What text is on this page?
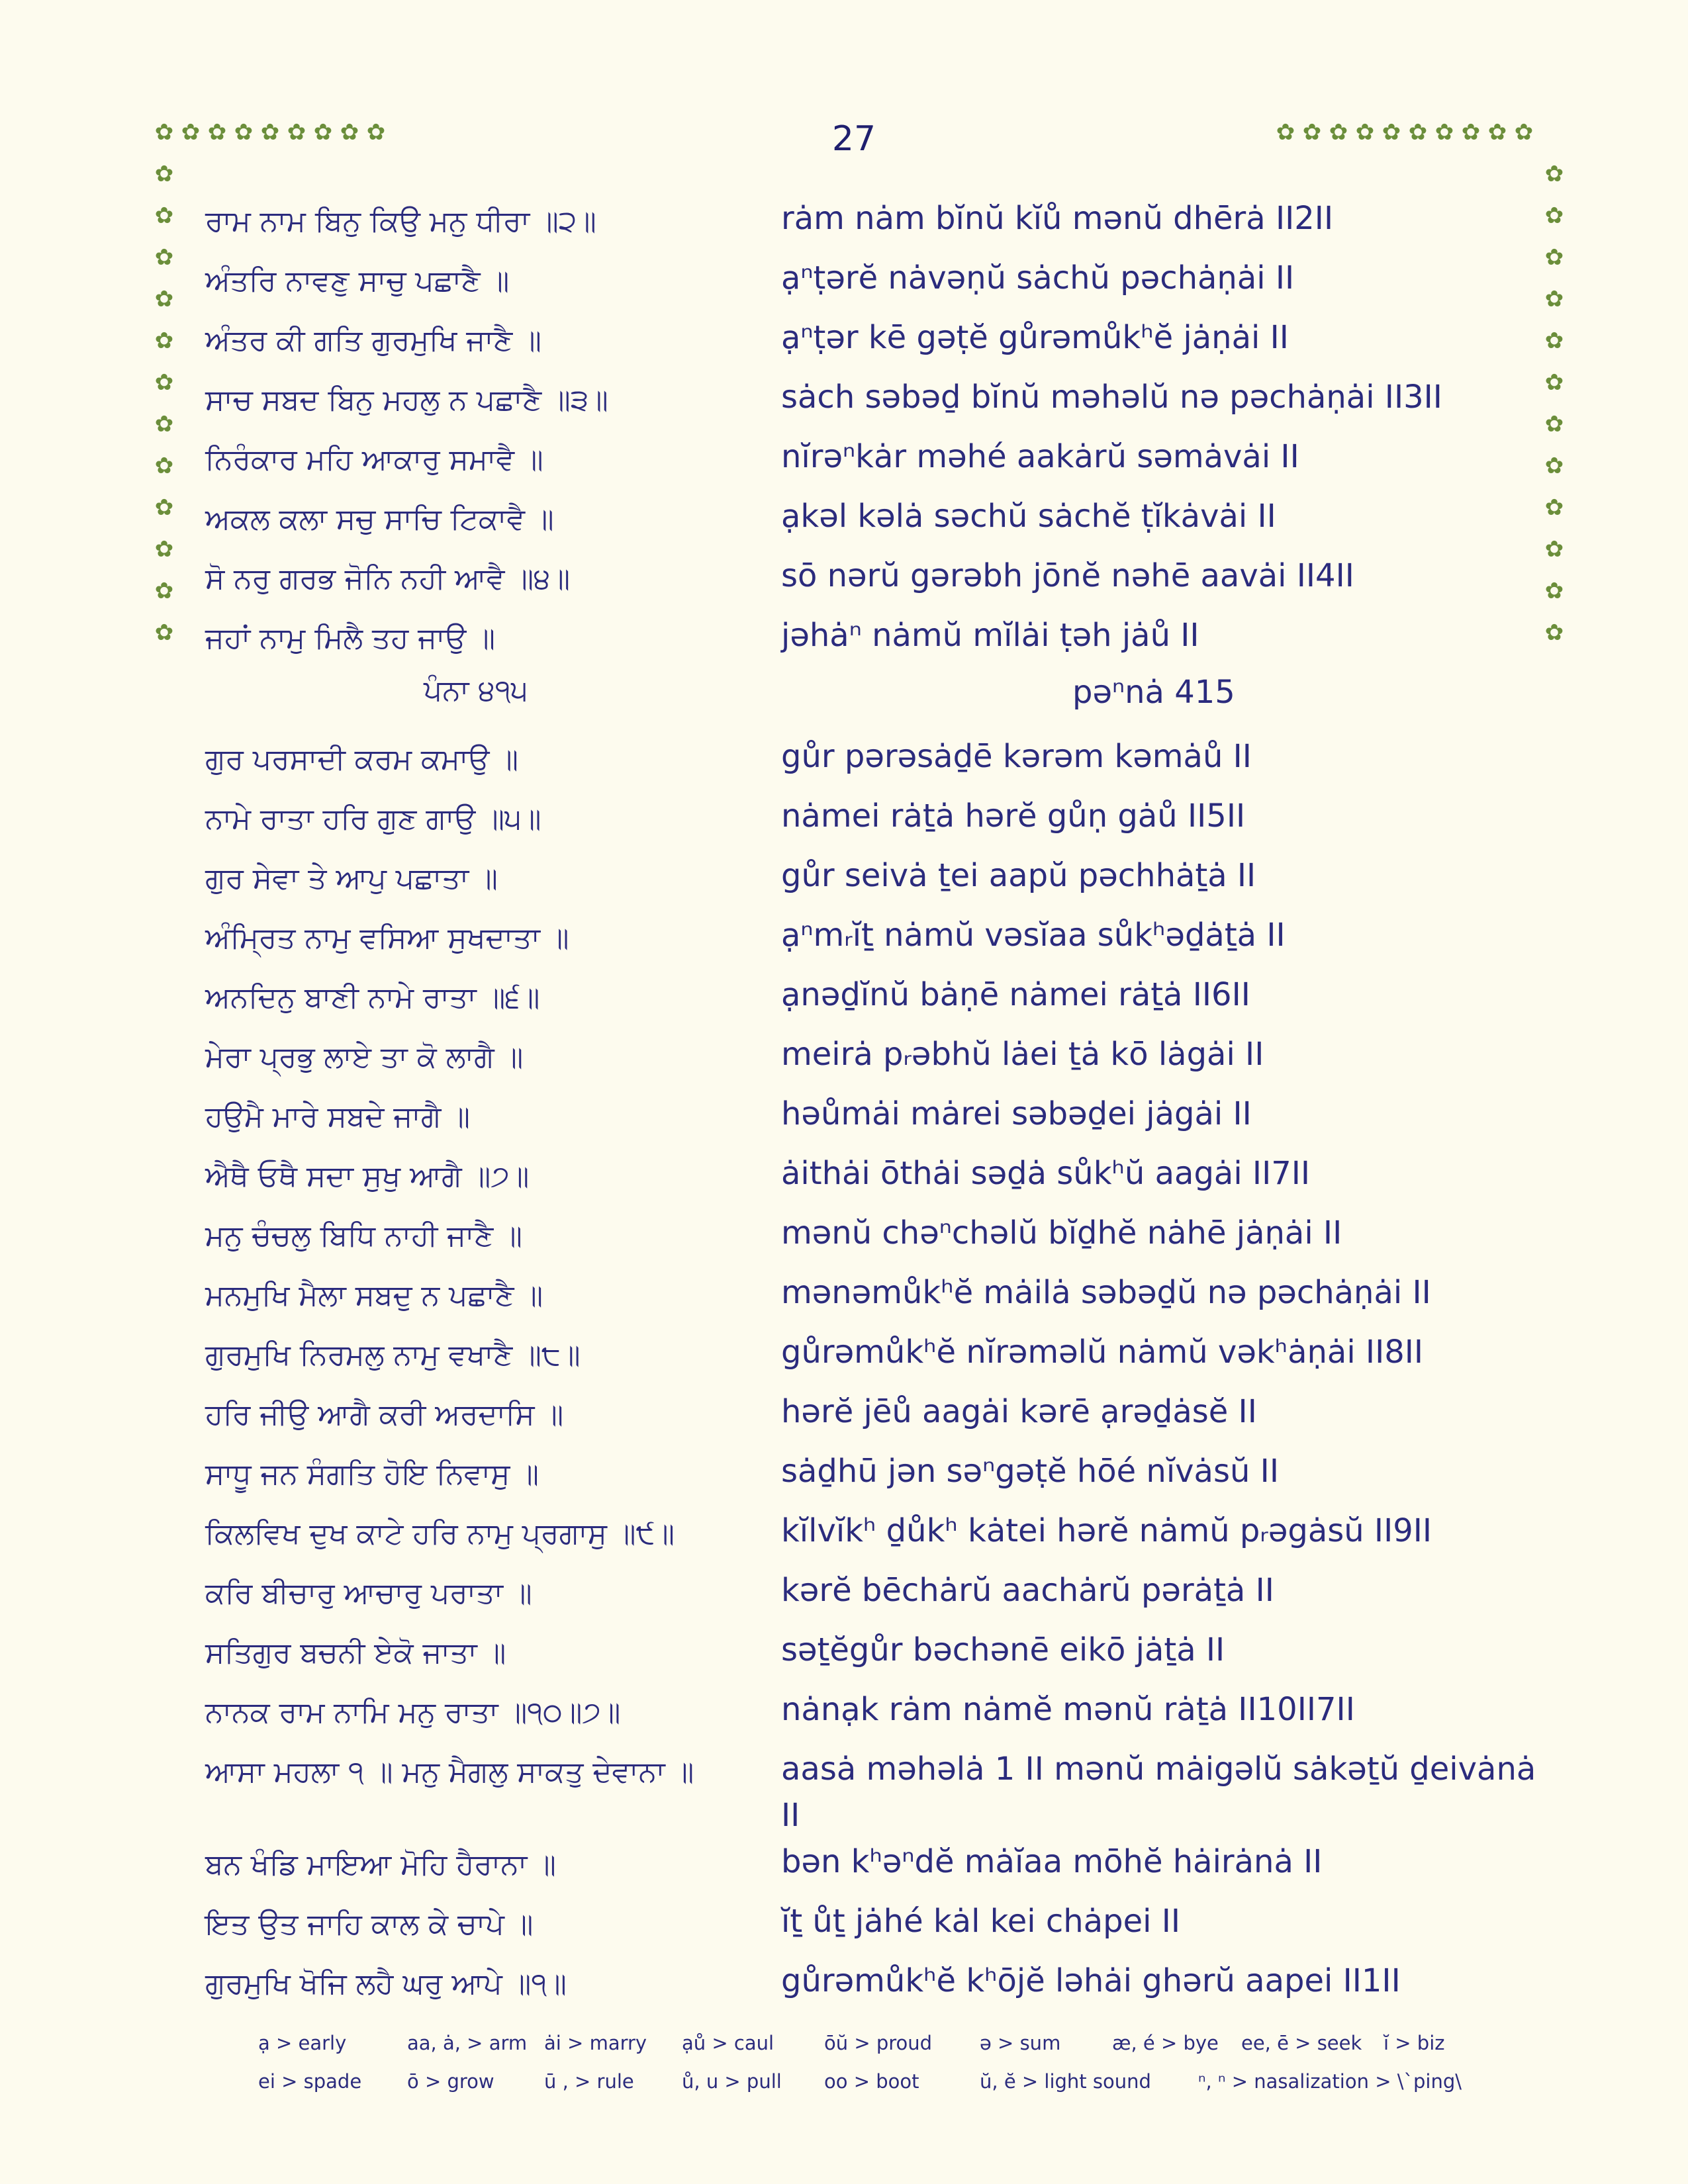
27
✿ ✿ ✿ ✿ ✿ ✿ ✿ ✿ ✿	✿ ✿ ✿ ✿ ✿ ✿ ✿ ✿ ✿ ✿
✿
✿
✿
✿
✿
✿
✿
✿
✿
✿
✿
✿
✿
✿
✿
✿
✿
✿
✿
✿
✿
✿
✿
✿
ਰਾਮ ਨਾਮ ਬਿਨੁ ਕਿਉ ਮਨੁ ਧੀਰਾ ॥੨॥	rȧm nȧm bĭnŭ kĭů mənŭ dhērȧ II2II
ਅੰਤਰਿ ਨਾਵਣੁ ਸਾਚੁ ਪਛਾਣੈ ॥	ạⁿṭərĕ nȧvəṇŭ sȧchŭ pəchȧṇȧi II
ਅੰਤਰ ਕੀ ਗਤਿ ਗੁਰਮੁਖਿ ਜਾਣੈ ॥	ạⁿṭər kē gəṭĕ gůrəmůkʰĕ jȧṇȧi II
ਸਾਚ ਸਬਦ ਬਿਨੁ ਮਹਲੁ ਨ ਪਛਾਣੈ ॥੩॥	sȧch səbəḏ bĭnŭ məhəlŭ nə pəchȧṇȧi II3II
ਨਿਰੰਕਾਰ ਮਹਿ ਆਕਾਰੁ ਸਮਾਵੈ ॥	nĭrəⁿkȧr məhé aakȧrŭ səmȧvȧi II
ਅਕਲ ਕਲਾ ਸਚੁ ਸਾਚਿ ਟਿਕਾਵੈ ॥	ạkəl kəlȧ səchŭ sȧchĕ ṭĭkȧvȧi II
ਸੋ ਨਰੁ ਗਰਭ ਜੋਨਿ ਨਹੀ ਆਵੈ ॥੪॥	sō nərŭ gərəbh jōnĕ nəhē aavȧi II4II
ਜਹਾਂ ਨਾਮੁ ਮਿਲੈ ਤਹ ਜਾਉ ॥	jəhȧⁿ nȧmŭ mĭlȧi ṭəh jȧů II
ਪੰਨਾ ੪੧੫	pəⁿnȧ 415
ਗੁਰ ਪਰਸਾਦੀ ਕਰਮ ਕਮਾਉ ॥	gůr pərəsȧḏē kərəm kəmȧů II
ਨਾਮੇ ਰਾਤਾ ਹਰਿ ਗੁਣ ਗਾਉ ॥੫॥	nȧmei rȧṯȧ hərĕ gůṇ gȧů II5II
ਗੁਰ ਸੇਵਾ ਤੇ ਆਪੁ ਪਛਾਤਾ ॥	gůr seivȧ ṯei aapŭ pəchhȧṯȧ II
ਅੰਮ੍ਰਿਤ ਨਾਮੁ ਵਸਿਆ ਸੁਖਦਾਤਾ ॥	ạⁿmᵣĭṯ nȧmŭ vəsĭaa sůkʰəḏȧṯȧ II
ਅਨਦਿਨੁ ਬਾਣੀ ਨਾਮੇ ਰਾਤਾ ॥੬॥	ạnəḏĭnŭ bȧṇē nȧmei rȧṯȧ II6II
ਮੇਰਾ ਪ੍ਰਭੁ ਲਾਏ ਤਾ ਕੋ ਲਾਗੈ ॥	meirȧ pᵣəbhŭ lȧei ṯȧ kō lȧgȧi II
ਹਉਮੈ ਮਾਰੇ ਸਬਦੇ ਜਾਗੈ ॥	həůmȧi mȧrei səbəḏei jȧgȧi II
ਐਥੈ ਓਥੈ ਸਦਾ ਸੁਖੁ ਆਗੈ ॥੭॥	ȧithȧi ōthȧi səḏȧ sůkʰŭ aagȧi II7II
ਮਨੁ ਚੰਚਲੁ ਬਿਧਿ ਨਾਹੀ ਜਾਣੈ ॥	mənŭ chəⁿchəlŭ bĭḏhĕ nȧhē jȧṇȧi II
ਮਨਮੁਖਿ ਮੈਲਾ ਸਬਦੁ ਨ ਪਛਾਣੈ ॥	mənəmůkʰĕ mȧilȧ səbəḏŭ nə pəchȧṇȧi II
ਗੁਰਮੁਖਿ ਨਿਰਮਲੁ ਨਾਮੁ ਵਖਾਣੈ ॥੮॥	gůrəmůkʰĕ nĭrəməlŭ nȧmŭ vəkʰȧṇȧi II8II
ਹਰਿ ਜੀਉ ਆਗੈ ਕਰੀ ਅਰਦਾਸਿ ॥	hərĕ jēů aagȧi kərē ạrəḏȧsĕ II
ਸਾਧੂ ਜਨ ਸੰਗਤਿ ਹੋਇ ਨਿਵਾਸੁ ॥	sȧḏhū jən səⁿgəṭĕ hōé nĭvȧsŭ II
ਕਿਲਵਿਖ ਦੁਖ ਕਾਟੇ ਹਰਿ ਨਾਮੁ ਪ੍ਰਗਾਸੁ ॥੯॥	kĭlvĭkʰ ḏůkʰ kȧtei hərĕ nȧmŭ pᵣəgȧsŭ II9II
ਕਰਿ ਬੀਚਾਰੁ ਆਚਾਰੁ ਪਰਾਤਾ ॥	kərĕ bēchȧrŭ aachȧrŭ pərȧṯȧ II
ਸਤਿਗੁਰ ਬਚਨੀ ਏਕੋ ਜਾਤਾ ॥	səṯĕgůr bəchənē eikō jȧṯȧ II
ਨਾਨਕ ਰਾਮ ਨਾਮਿ ਮਨੁ ਰਾਤਾ ॥੧੦॥੭॥	nȧnạk rȧm nȧmĕ mənŭ rȧṯȧ II10II7II
ਆਸਾ ਮਹਲਾ ੧ ॥ ਮਨੁ ਮੈਗਲੁ ਸਾਕਤੁ ਦੇਵਾਨਾ ॥	aasȧ məhəlȧ 1 II mənŭ mȧigəlŭ sȧkəṯŭ ḏeivȧnȧ II
ਬਨ ਖੰਡਿ ਮਾਇਆ ਮੋਹਿ ਹੈਰਾਨਾ ॥	bən kʰəⁿdĕ mȧĭaa mōhĕ hȧirȧnȧ II
ਇਤ ਉਤ ਜਾਹਿ ਕਾਲ ਕੇ ਚਾਪੇ ॥	ĭṯ ůṯ jȧhé kȧl kei chȧpei II
ਗੁਰਮੁਖਿ ਖੋਜਿ ਲਹੈ ਘਰੁ ਆਪੇ ॥੧॥	gůrəmůkʰĕ kʰōjĕ ləhȧi ghərŭ aapei II1II
ạ > early	aa, ȧ, > arm ȧi > marry ạů > caul	ōŭ > proud ə > sum	æ, é > bye ee, ē > seek ĭ > biz
ei > spade ō > grow	ū , > rule ů, u > pull oo > boot	ŭ, ĕ > light sound ⁿ, ⁿ > nasalization > \`ping\
